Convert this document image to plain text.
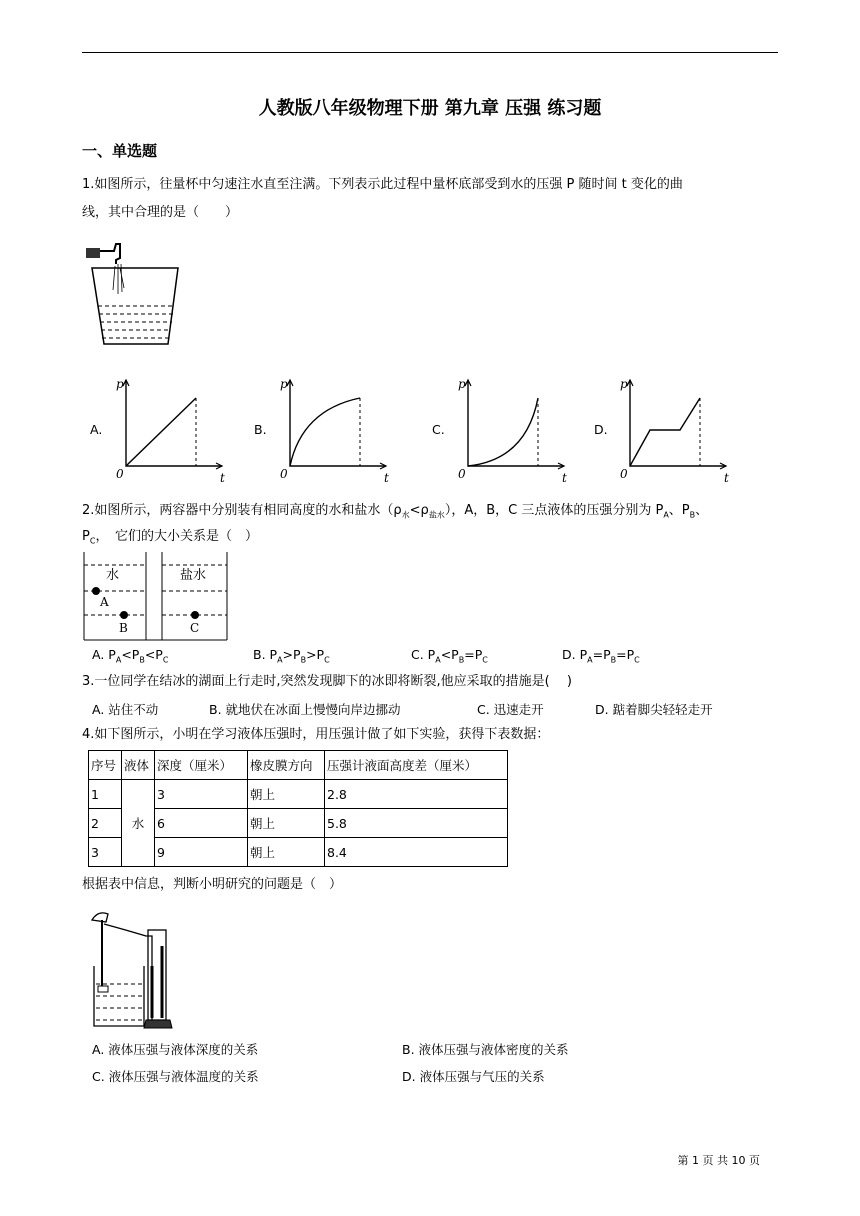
人教版八年级物理下册 第九章 压强 练习题
一、单选题
1.如图所示，往量杯中匀速注水直至注满。下列表示此过程中量杯底部受到水的压强 P 随时间 t 变化的曲
线，其中合理的是（　　）
A.
p
t
0
B.
p
t
0
C.
p
t
0
D.
p
t
0
2.如图所示，两容器中分别装有相同高度的水和盐水$(\rho_水<\rho_{盐水})$，A，B，C 三点液体的压强分别为 $P_A$、$P_B$、
$P_C$，　它们的大小关系是（　）
水	盐水
A
B	C
A. $P_A<P_B<P_C$	B. $P_A>P_B>P_C$	C. $P_A<P_B=P_C$	D. $P_A=P_B=P_C$
3.一位同学在结冰的湖面上行走时,突然发现脚下的冰即将断裂,他应采取的措施是(　 )
A. 站住不动	B. 就地伏在冰面上慢慢向岸边挪动	C. 迅速走开	D. 踮着脚尖轻轻走开
4.如下图所示，小明在学习液体压强时，用压强计做了如下实验，获得下表数据：
序号	液体	深度（厘米）	橡皮膜方向	压强计液面高度差（厘米）
1	水	3	朝上	2.8
2		6	朝上	5.8
3		9	朝上	8.4
根据表中信息，判断小明研究的问题是（　）
A. 液体压强与液体深度的关系	B. 液体压强与液体密度的关系
C. 液体压强与液体温度的关系	D. 液体压强与气压的关系
第 1 页 共 10 页
